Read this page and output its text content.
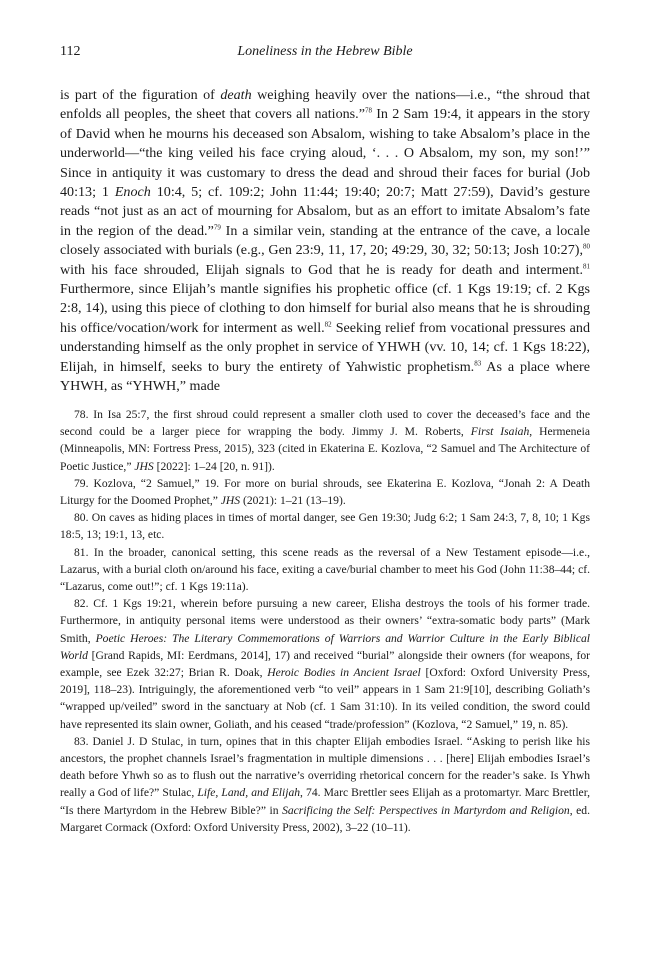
112	Loneliness in the Hebrew Bible

is part of the figuration of death weighing heavily over the nations—i.e., “the shroud that enfolds all peoples, the sheet that covers all nations.”$^{78}$ In 2 Sam 19:4, it appears in the story of David when he mourns his deceased son Absalom, wishing to take Absalom’s place in the underworld—“the king veiled his face crying aloud, ‘. . . O Absalom, my son, my son!’” Since in antiquity it was customary to dress the dead and shroud their faces for burial (Job 40:13; 1 Enoch 10:4, 5; cf. 109:2; John 11:44; 19:40; 20:7; Matt 27:59), David’s gesture reads “not just as an act of mourning for Absalom, but as an effort to imitate Absalom’s fate in the region of the dead.”$^{79}$ In a similar vein, standing at the entrance of the cave, a locale closely associated with burials (e.g., Gen 23:9, 11, 17, 20; 49:29, 30, 32; 50:13; Josh 10:27),$^{80}$ with his face shrouded, Elijah signals to God that he is ready for death and interment.$^{81}$ Furthermore, since Elijah’s mantle signifies his prophetic office (cf. 1 Kgs 19:19; cf. 2 Kgs 2:8, 14), using this piece of clothing to don himself for burial also means that he is shrouding his office/vocation/work for interment as well.$^{82}$ Seeking relief from vocational pressures and understanding himself as the only prophet in service of YHWH (vv. 10, 14; cf. 1 Kgs 18:22), Elijah, in himself, seeks to bury the entirety of Yahwistic prophetism.$^{83}$ As a place where YHWH, as “YHWH,” made

78. In Isa 25:7, the first shroud could represent a smaller cloth used to cover the deceased’s face and the second could be a larger piece for wrapping the body. Jimmy J. M. Roberts, First Isaiah, Hermeneia (Minneapolis, MN: Fortress Press, 2015), 323 (cited in Ekaterina E. Kozlova, “2 Samuel and The Architecture of Poetic Justice,” JHS [2022]: 1–24 [20, n. 91]).

79. Kozlova, “2 Samuel,” 19. For more on burial shrouds, see Ekaterina E. Kozlova, “Jonah 2: A Death Liturgy for the Doomed Prophet,” JHS (2021): 1–21 (13–19).

80. On caves as hiding places in times of mortal danger, see Gen 19:30; Judg 6:2; 1 Sam 24:3, 7, 8, 10; 1 Kgs 18:5, 13; 19:1, 13, etc.

81. In the broader, canonical setting, this scene reads as the reversal of a New Testament episode—i.e., Lazarus, with a burial cloth on/around his face, exiting a cave/burial chamber to meet his God (John 11:38–44; cf. “Lazarus, come out!”; cf. 1 Kgs 19:11a).

82. Cf. 1 Kgs 19:21, wherein before pursuing a new career, Elisha destroys the tools of his former trade. Furthermore, in antiquity personal items were understood as their owners’ “extra-somatic body parts” (Mark Smith, Poetic Heroes: The Literary Commemorations of Warriors and Warrior Culture in the Early Biblical World [Grand Rapids, MI: Eerdmans, 2014], 17) and received “burial” alongside their owners (for weapons, for example, see Ezek 32:27; Brian R. Doak, Heroic Bodies in Ancient Israel [Oxford: Oxford University Press, 2019], 118–23). Intriguingly, the aforementioned verb “to veil” appears in 1 Sam 21:9[10], describing Goliath’s “wrapped up/veiled” sword in the sanctuary at Nob (cf. 1 Sam 31:10). In its veiled condition, the sword could have represented its slain owner, Goliath, and his ceased “trade/profession” (Kozlova, “2 Samuel,” 19, n. 85).

83. Daniel J. D Stulac, in turn, opines that in this chapter Elijah embodies Israel. “Asking to perish like his ancestors, the prophet channels Israel’s fragmentation in multiple dimensions . . . [here] Elijah embodies Israel’s death before Yhwh so as to flush out the narrative’s overriding rhetorical concern for the reader’s sake. Is Yhwh really a God of life?” Stulac, Life, Land, and Elijah, 74. Marc Brettler sees Elijah as a protomartyr. Marc Brettler, “Is there Martyrdom in the Hebrew Bible?” in Sacrificing the Self: Perspectives in Martyrdom and Religion, ed. Margaret Cormack (Oxford: Oxford University Press, 2002), 3–22 (10–11).
